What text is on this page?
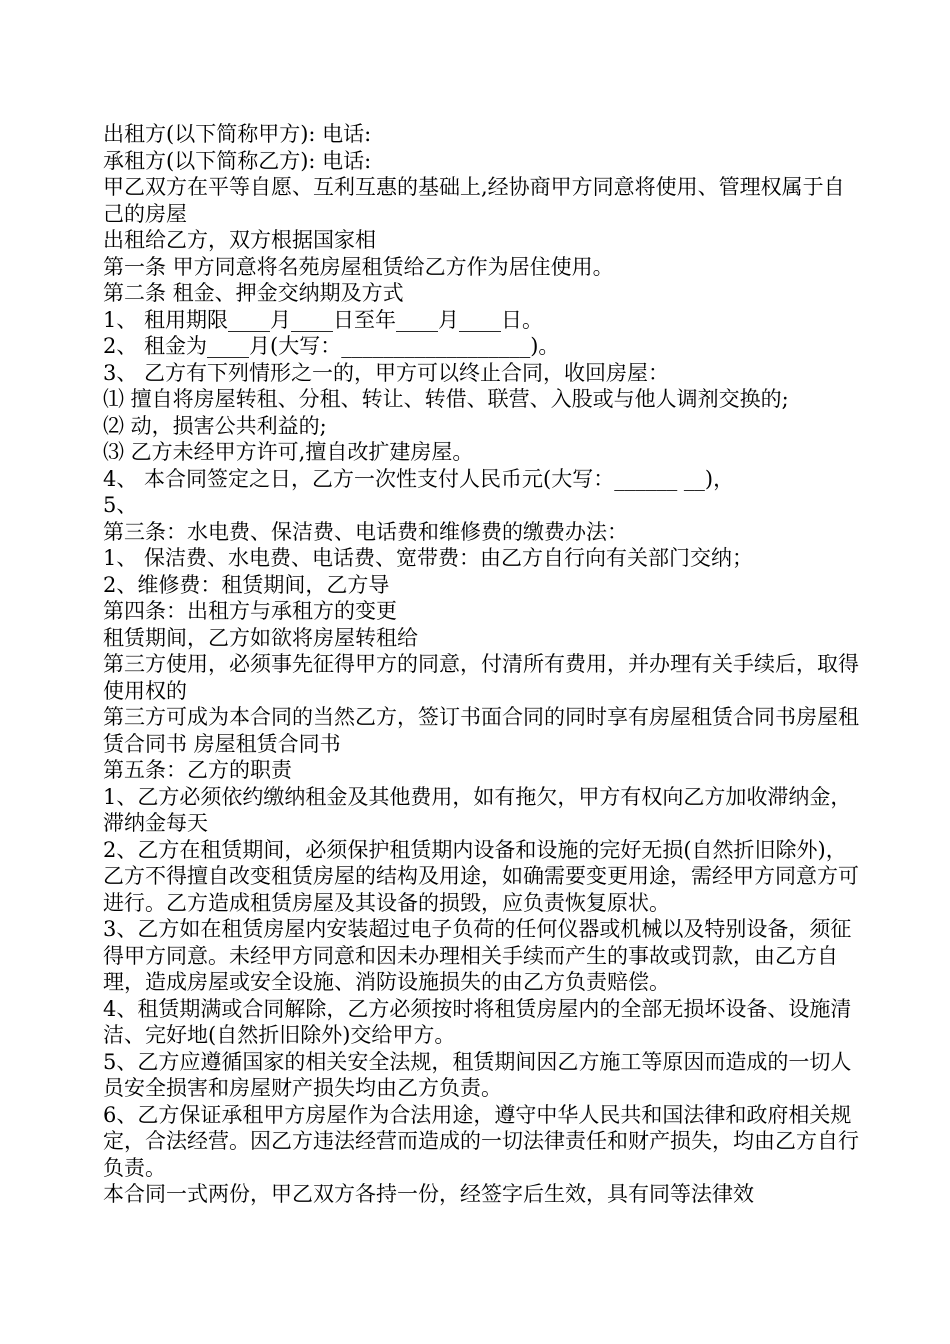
出租方(以下简称甲方): 电话:

承租方(以下简称乙方): 电话:

甲乙双方在平等自愿、互利互惠的基础上,经协商甲方同意将使用、管理权属于自己的房屋

出租给乙方，双方根据国家相

第一条 甲方同意将名苑房屋租赁给乙方作为居住使用。

第二条 租金、押金交纳期及方式

1、 租用期限____月____日至年____月____日。

2、 租金为____月(大写：__________________)。

3、 乙方有下列情形之一的，甲方可以终止合同，收回房屋：

⑴ 擅自将房屋转租、分租、转让、转借、联营、入股或与他人调剂交换的;

⑵ 动，损害公共利益的;

⑶ 乙方未经甲方许可,擅自改扩建房屋。

4、 本合同签定之日，乙方一次性支付人民币元(大写：______ __)，

5、

第三条：水电费、保洁费、电话费和维修费的缴费办法：

1、 保洁费、水电费、电话费、宽带费：由乙方自行向有关部门交纳；

2、维修费：租赁期间，乙方导

第四条：出租方与承租方的变更

租赁期间，乙方如欲将房屋转租给

第三方使用，必须事先征得甲方的同意，付清所有费用，并办理有关手续后，取得使用权的

第三方可成为本合同的当然乙方，签订书面合同的同时享有房屋租赁合同书房屋租赁合同书 房屋租赁合同书

第五条：乙方的职责

1、乙方必须依约缴纳租金及其他费用，如有拖欠，甲方有权向乙方加收滞纳金，滞纳金每天

2、乙方在租赁期间，必须保护租赁期内设备和设施的完好无损(自然折旧除外)，乙方不得擅自改变租赁房屋的结构及用途，如确需要变更用途，需经甲方同意方可进行。乙方造成租赁房屋及其设备的损毁，应负责恢复原状。

3、乙方如在租赁房屋内安装超过电子负荷的任何仪器或机械以及特别设备，须征得甲方同意。未经甲方同意和因未办理相关手续而产生的事故或罚款，由乙方自理，造成房屋或安全设施、消防设施损失的由乙方负责赔偿。

4、租赁期满或合同解除，乙方必须按时将租赁房屋内的全部无损坏设备、设施清洁、完好地(自然折旧除外)交给甲方。

5、乙方应遵循国家的相关安全法规，租赁期间因乙方施工等原因而造成的一切人员安全损害和房屋财产损失均由乙方负责。

6、乙方保证承租甲方房屋作为合法用途，遵守中华人民共和国法律和政府相关规定，合法经营。因乙方违法经营而造成的一切法律责任和财产损失，均由乙方自行负责。

本合同一式两份，甲乙双方各持一份，经签字后生效，具有同等法律效
